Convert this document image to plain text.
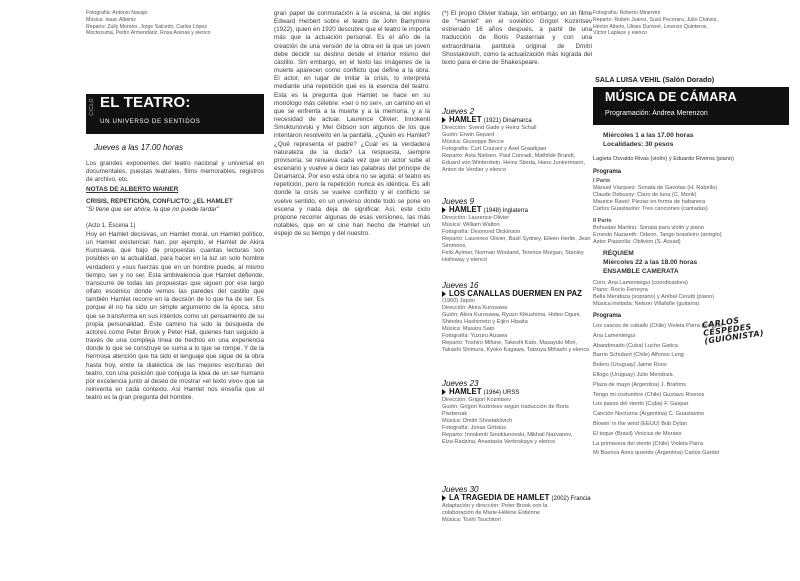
Fotografía: Antonio Navajo
Música: Isaac Albéniz
Reparto: Zully Moreno, Jorge Salcedo, Carlos López
Moctezuma, Pedro Armendáriz, Rosa Arenas y elenco
CICLO EL TEATRO:
UN UNIVERSO DE SENTIDOS
Jueves a las 17.00 horas
Los grandes exponentes del teatro nacional y universal en documentales, puestas teatrales, films memorables, registros de archivo, etc.
NOTAS DE ALBERTO WAINER
CRISIS, REPETICIÓN, CONFLICTO: ¿EL HAMLET
"Si tiene que ser ahora, la que no puede tardar"
(Acto 1, Escena 1)
Hoy en Hamlet decisivas, un Hamlet moral, un Hamlet político, un Hamlet existencial: han, por ejemplo, el Hamlet de Akira Kurosawa, que bajo de propuestas cuantas lecturas son posibles en la actualidad, para hacer en la luz un solo hombre verdadero y «sus fuerzas que en un hombre puede, al mismo tiempo, ser y no ser. Esta ambivalencia que Hamlet defiende, transcurre de todas las propuestas que siguen por ese largo olfato escénico donde vemos las paredes del castillo que también Hamlet recorre en la decisión de lo que ha de ser. Es porque él no ha sido un simple argumento de la época, sino que se transforma en sus intentos como un pensamiento de su propia personalidad. Este camino ha sido la búsqueda de actores como Peter Brook y Peter Hall, quienes han seguido a través de una compleja línea de hechos en una experiencia donde lo que se construye se suma a lo que se rompe. Y de la hermosa atención que ha sido el lenguaje que sigue de la obra hasta hoy, entre la dialéctica de las mejores escrituras del teatro, con una posición que conjuga la idea de un ser humano por excelencia junto al deseo de mostrar «el texto vivo» que se reinventa en cada contexto. Así Hamlet nos enseña que el teatro es la gran pregunta del hombre.
gran papel de conmutación a la escena, la del inglés Edward Herbert sobre el teatro de John Barrymore (1922), quien en 1920 descubre que el teatro le importa más que la actuación personal. Es el año de la creación de una versión de la obra en la que un joven debe decidir su destino desde el interior mismo del castillo. Sin embargo, en el texto las imágenes de la muerte aparecen como conflicto que define a la obra. El actor, en lugar de imitar la crisis, lo interpreta mediante una repetición que es la esencia del teatro. Esta es la pregunta que Hamlet se hace en su monólogo más célebre: «ser o no ser», un camino en el que se enfrenta a la muerte y a la memoria, y a la necesidad de actuar. Laurence Olivier, Innokenti Smoktunovski y Mel Gibson son algunos de los que intentaron resolverlo en la pantalla. ¿Quién es Hamlet? ¿Qué representa el padre? ¿Cuál es la verdadera naturaleza de la duda? La respuesta, siempre provisoria, se renueva cada vez que un actor sube al escenario y vuelve a decir las palabras del príncipe de Dinamarca. Por eso esta obra no se agota: el teatro es repetición, pero la repetición nunca es idéntica. Es allí donde la crisis se vuelve conflicto y el conflicto se vuelve sentido, en un universo donde todo se pone en escena y nada deja de significar. Así, este ciclo propone recorrer algunas de esas versiones, las más notables, que en el cine han hecho de Hamlet un espejo de su tiempo y del nuestro.
(*) El propio Olivier trabaja, sin embargo, en un filme de "Hamlet" en el soviético Grigori Kozintsev estrenado 16 años después, a partir de una traducción de Boris Pasternak y con una extraordinaria partitura original de Dmitri Shostakóvich, como la actualización más lograda del texto para el cine de Shakespeare.
Jueves 2
HAMLET (1921) Dinamarca
Dirección: Svend Gade y Heinz Schall
Guión: Erwin Gepard
Música: Giuseppe Becce
Fotografía: Curt Courant y Axel Graatkjaer
Reparto: Asta Nielsen, Paul Conradi, Mathilde Brandt,
Eduard von Winterstein, Heinz Stieda, Hans Junkermann, Anton de Verdier y elenco
Jueves 9
HAMLET (1948) Inglaterra
Dirección: Laurence Olivier
Música: William Walton
Fotografía: Desmond Dickinson
Reparto: Laurence Olivier, Basil Sydney, Eileen Herlie, Jean Simmons,
Felix Aylmer, Norman Wooland, Terence Morgan, Stanley Holloway y elenco
Jueves 16
LOS CANALLAS DUERMEN EN PAZ
(1960) Japón
Dirección: Akira Kurosawa
Guión: Akira Kurosawa, Ryuzo Kikushima, Hideo Oguni,
Shinobu Hashimoto y Eijiro Hisaita
Música: Masaru Sato
Fotografía: Yuzuru Aizawa
Reparto: Toshiro Mifune, Takeshi Kato, Masayuki Mori,
Takashi Shimura, Kyoko Kagawa, Tatsuya Mihashi y elenco
Jueves 23
HAMLET (1964) URSS
Dirección: Grigori Kozintsev
Guión: Grigori Kozintsev según traducción de Boris Pasternak
Música: Dmitri Shostakóvich
Fotografía: Jonas Gritsius
Reparto: Innokenti Smoktunovski, Mikhail Nazvanov,
Elza Radzina, Anastasia Vertinskaya y elenco
Jueves 30
LA TRAGEDIA DE HAMLET (2002) Francia
Adaptación y dirección: Peter Brook con la
colaboración de Marie-Hélène Estienne
Música: Toshi Tsuchitori
Fotografía: Roberto Minervini
Reparto: Rubén Juárez, Susú Pecoraro, Julio Chávez,
Héctor Alterio, Ulises Dumont, Lorenzo Quinteros,
Víctor Laplace y elenco
SALA LUISA VEHIL (Salón Dorado)
MÚSICA DE CÁMARA
Programación: Andrea Merenzon
Miércoles 1 a las 17.00 horas
Localidades: 30 pesos
Lagieta Osvaldo Rivas (violín) y Eduardo Riveros (piano)
Programa
I Parte
Manuel Vázquez: Sonata de Gavotas (H. Rabello)
Claude Debussy: Claro de luna (C. Monk)
Maurice Ravel: Piezas en forma de habanera
Carlos Guastavino: Tres canciones (cantadas)
II Parte
Bohuslav Martinu: Sonata para violín y piano
Ernesto Nazareth: Odeon, Tango brasileiro (arreglo)
Astor Piazzolla: Oblivion (S. Assad)
RÉQUIEM
Miércoles 22 a las 18.00 horas
ENSAMBLE CAMERATA
Coro: Ana Lamenteigui (coordinadora)
Piano: Rocío Ferreyra
Bella Mendoza (soprano) y Aníbal Cerutti (piano)
Música invitada: Nelson Villafañe (guitarra)
Programa
Los cascos de caballo (Chile) Violeta Parra (arreglo)
Ana Lamenteigui
Abandonado (Cuba) Lucho Gatica
Barrio Schubert (Chile) Alfonso Leng
Bolero (Uruguay) Jaime Roos
Ellogo (Uruguay) Julio Mendoza
Plaza de mayo (Argentina) J. Brahms
Tengo mi costumbre (Chile) Gustavo Riveros
Los pasos del viento (Cuba) F. Gaspar
Canción Nocturna (Argentina) C. Guastavino
Blowin' in the wind (EEUU) Bob Dylan
El toque (Brasil) Vinicius de Moraes
La primavera del viento (Chile) Violeta Parra
Mi Buenos Aires querido (Argentina) Carlos Gardel
CARLOS CÉSPEDES (GUIÓNISTA)
